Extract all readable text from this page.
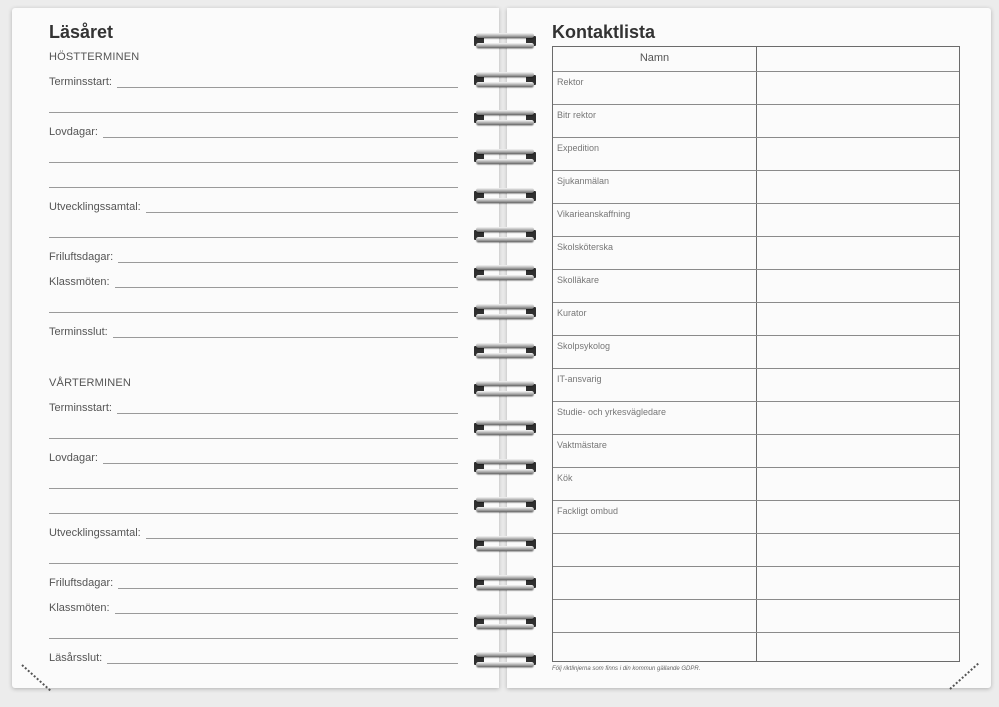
Läsåret
HÖSTTERMINEN
Terminsstart:
Lovdagar:
Utvecklingssamtal:
Friluftsdagar:
Klassmöten:
Terminsslut:
VÅRTERMINEN
Terminsstart:
Lovdagar:
Utvecklingssamtal:
Friluftsdagar:
Klassmöten:
Läsårsslut:
Kontaktlista
Namn
Rektor
Bitr rektor
Expedition
Sjukanmälan
Vikarieanskaffning
Skolsköterska
Skolläkare
Kurator
Skolpsykolog
IT-ansvarig
Studie- och yrkesvägledare
Vaktmästare
Kök
Fackligt ombud
Följ riktlinjerna som finns i din kommun gällande GDPR.
